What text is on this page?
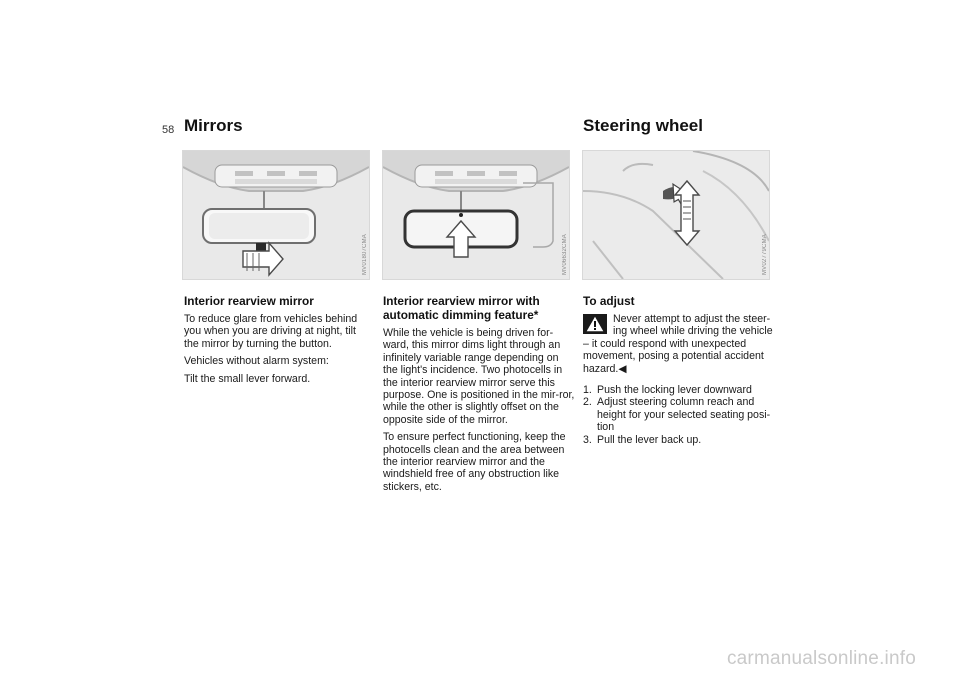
58 Mirrors	Steering wheel
MV01807CMA	MV06632CMA	MV02779CMA
Interior rearview mirror

To reduce glare from vehicles behind you when you are driving at night, tilt the mirror by turning the button.

Vehicles without alarm system:

Tilt the small lever forward.

Interior rearview mirror with automatic dimming feature*

While the vehicle is being driven for-ward, this mirror dims light through an infinitely variable range depending on the light's incidence. Two photocells in the interior rearview mirror serve this purpose. One is positioned in the mir-ror, while the other is slightly offset on the opposite side of the mirror.

To ensure perfect functioning, keep the photocells clean and the area between the interior rearview mirror and the windshield free of any obstruction like stickers, etc.

To adjust
Never attempt to adjust the steer-ing wheel while driving the vehicle – it could respond with unexpected movement, posing a potential accident hazard.◀
1. Push the locking lever downward
2. Adjust steering column reach and height for your selected seating posi-tion
3. Pull the lever back up.
carmanualsonline.info
